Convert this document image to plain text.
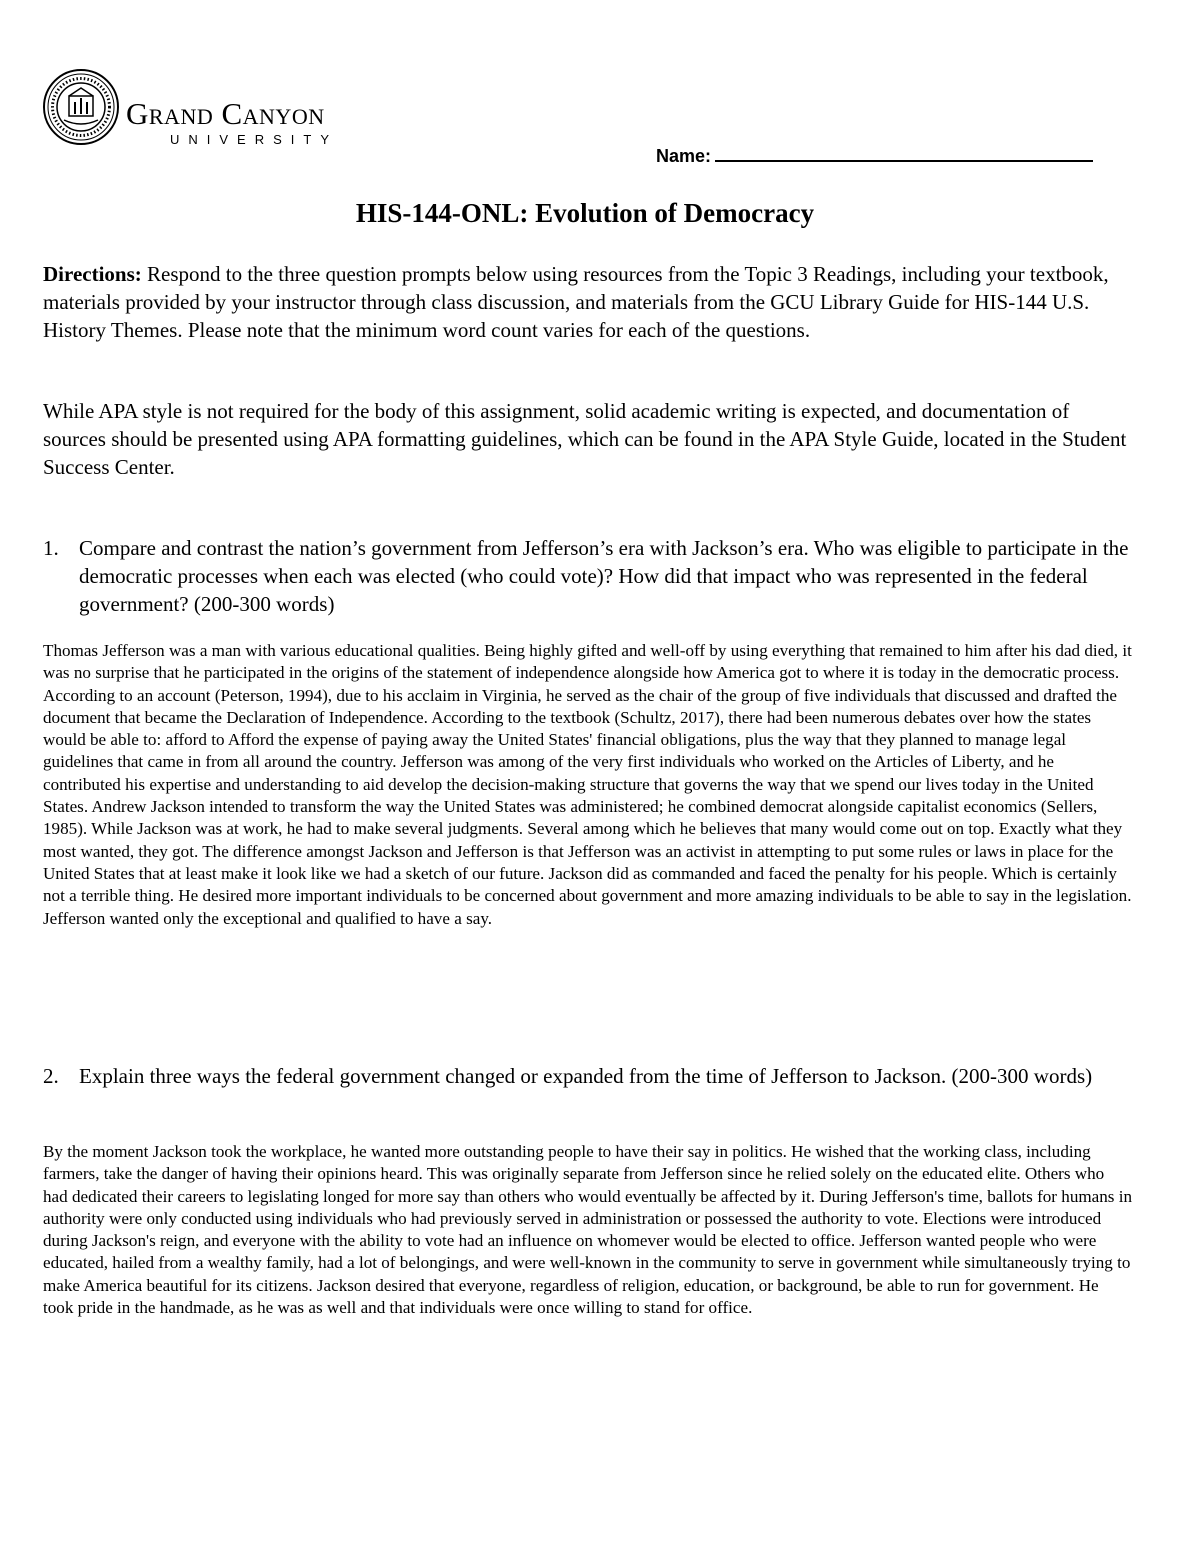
Grand Canyon
UNIVERSITY
Name:
HIS-144-ONL: Evolution of Democracy

Directions: Respond to the three question prompts below using resources from the Topic 3 Readings, including your textbook, materials provided by your instructor through class discussion, and materials from the GCU Library Guide for HIS-144 U.S. History Themes. Please note that the minimum word count varies for each of the questions.

While APA style is not required for the body of this assignment, solid academic writing is expected, and documentation of sources should be presented using APA formatting guidelines, which can be found in the APA Style Guide, located in the Student Success Center.

1. Compare and contrast the nation’s government from Jefferson’s era with Jackson’s era. Who was eligible to participate in the democratic processes when each was elected (who could vote)? How did that impact who was represented in the federal government? (200-300 words)

Thomas Jefferson was a man with various educational qualities. Being highly gifted and well-off by using everything that remained to him after his dad died, it was no surprise that he participated in the origins of the statement of independence alongside how America got to where it is today in the democratic process. According to an account (Peterson, 1994), due to his acclaim in Virginia, he served as the chair of the group of five individuals that discussed and drafted the document that became the Declaration of Independence. According to the textbook (Schultz, 2017), there had been numerous debates over how the states would be able to: afford to Afford the expense of paying away the United States' financial obligations, plus the way that they planned to manage legal guidelines that came in from all around the country. Jefferson was among of the very first individuals who worked on the Articles of Liberty, and he contributed his expertise and understanding to aid develop the decision-making structure that governs the way that we spend our lives today in the United States. Andrew Jackson intended to transform the way the United States was administered; he combined democrat alongside capitalist economics (Sellers, 1985). While Jackson was at work, he had to make several judgments. Several among which he believes that many would come out on top. Exactly what they most wanted, they got. The difference amongst Jackson and Jefferson is that Jefferson was an activist in attempting to put some rules or laws in place for the United States that at least make it look like we had a sketch of our future. Jackson did as commanded and faced the penalty for his people. Which is certainly not a terrible thing. He desired more important individuals to be concerned about government and more amazing individuals to be able to say in the legislation. Jefferson wanted only the exceptional and qualified to have a say.

2. Explain three ways the federal government changed or expanded from the time of Jefferson to Jackson. (200-300 words)

By the moment Jackson took the workplace, he wanted more outstanding people to have their say in politics. He wished that the working class, including farmers, take the danger of having their opinions heard. This was originally separate from Jefferson since he relied solely on the educated elite. Others who had dedicated their careers to legislating longed for more say than others who would eventually be affected by it. During Jefferson's time, ballots for humans in authority were only conducted using individuals who had previously served in administration or possessed the authority to vote. Elections were introduced during Jackson's reign, and everyone with the ability to vote had an influence on whomever would be elected to office. Jefferson wanted people who were educated, hailed from a wealthy family, had a lot of belongings, and were well-known in the community to serve in government while simultaneously trying to make America beautiful for its citizens. Jackson desired that everyone, regardless of religion, education, or background, be able to run for government. He took pride in the handmade, as he was as well and that individuals were once willing to stand for office.
